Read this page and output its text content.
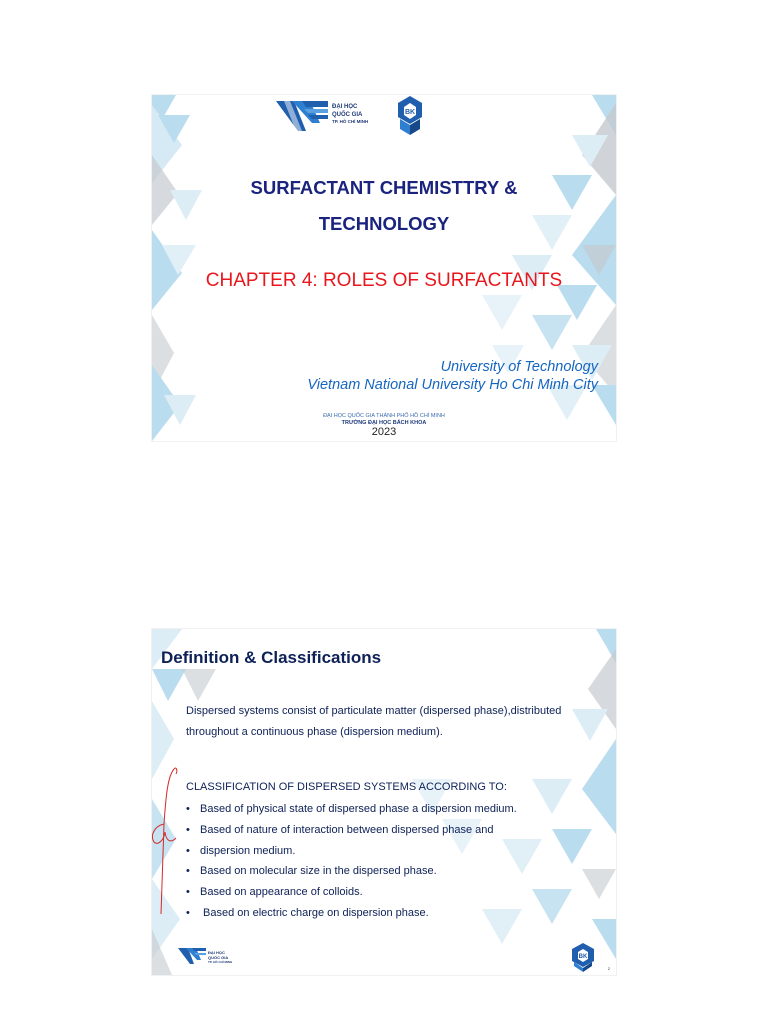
ĐẠI HỌC
QUỐC GIA
TP. HỒ CHÍ MINH
BK
SURFACTANT CHEMISTTRY &
TECHNOLOGY
CHAPTER 4: ROLES OF SURFACTANTS
University of Technology
Vietnam National University Ho Chi Minh City
ĐẠI HỌC QUỐC GIA THÀNH PHỐ HỒ CHÍ MINH
TRƯỜNG ĐẠI HỌC BÁCH KHOA
2023
Definition & Classifications
Dispersed systems consist of particulate matter (dispersed phase),distributed throughout a continuous phase (dispersion medium).
CLASSIFICATION OF DISPERSED SYSTEMS ACCORDING TO:
• Based of physical state of dispersed phase a dispersion medium.
• Based of nature of interaction between dispersed phase and
• dispersion medium.
• Based on molecular size in the dispersed phase.
• Based on appearance of colloids.
• Based on electric charge on dispersion phase.
ĐẠI HỌC
QUỐC GIA
TP. HỒ CHÍ MINH
BK
2
